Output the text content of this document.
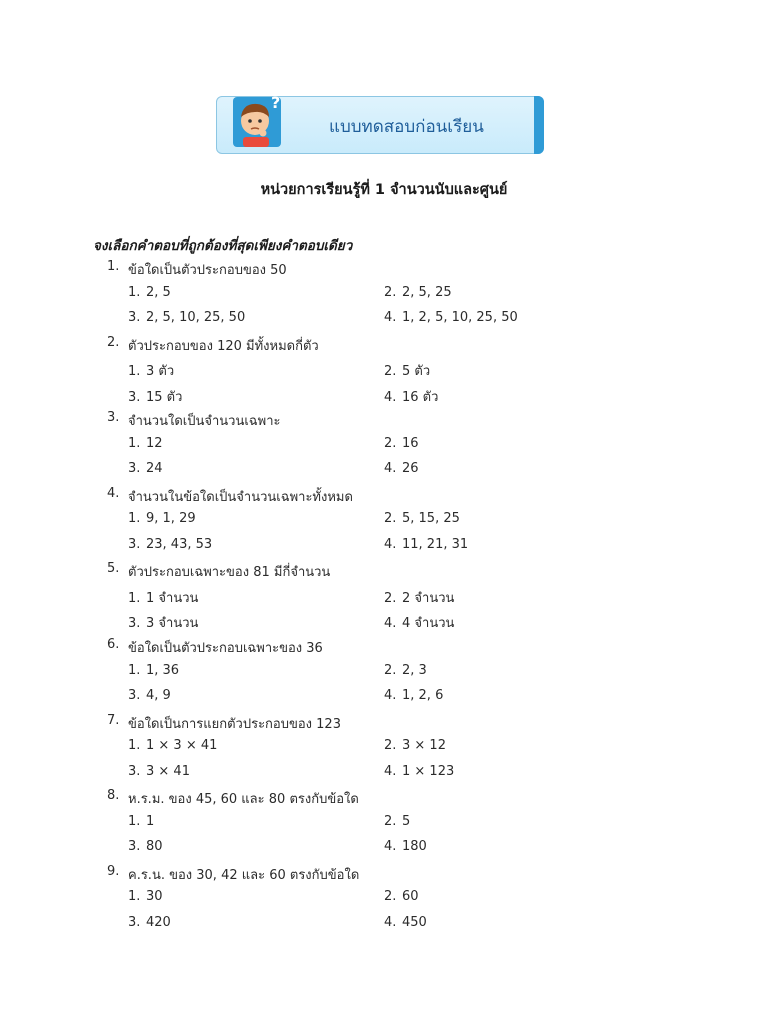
?
แบบทดสอบก่อนเรียน
หน่วยการเรียนรู้ที่ 1 จำนวนนับและศูนย์
จงเลือกคำตอบที่ถูกต้องที่สุดเพียงคำตอบเดียว
1. ข้อใดเป็นตัวประกอบของ 50
1. 2, 5	2. 2, 5, 25
3. 2, 5, 10, 25, 50	4. 1, 2, 5, 10, 25, 50
2. ตัวประกอบของ 120 มีทั้งหมดกี่ตัว
1. 3 ตัว	2. 5 ตัว
3. 15 ตัว	4. 16 ตัว
3. จำนวนใดเป็นจำนวนเฉพาะ
1. 12	2. 16
3. 24	4. 26
4. จำนวนในข้อใดเป็นจำนวนเฉพาะทั้งหมด
1. 9, 1, 29	2. 5, 15, 25
3. 23, 43, 53	4. 11, 21, 31
5. ตัวประกอบเฉพาะของ 81 มีกี่จำนวน
1. 1 จำนวน	2. 2 จำนวน
3. 3 จำนวน	4. 4 จำนวน
6. ข้อใดเป็นตัวประกอบเฉพาะของ 36
1. 1, 36	2. 2, 3
3. 4, 9	4. 1, 2, 6
7. ข้อใดเป็นการแยกตัวประกอบของ 123
1. 1 × 3 × 41	2. 3 × 12
3. 3 × 41	4. 1 × 123
8. ห.ร.ม. ของ 45, 60 และ 80 ตรงกับข้อใด
1. 1	2. 5
3. 80	4. 180
9. ค.ร.น. ของ 30, 42 และ 60 ตรงกับข้อใด
1. 30	2. 60
3. 420	4. 450
